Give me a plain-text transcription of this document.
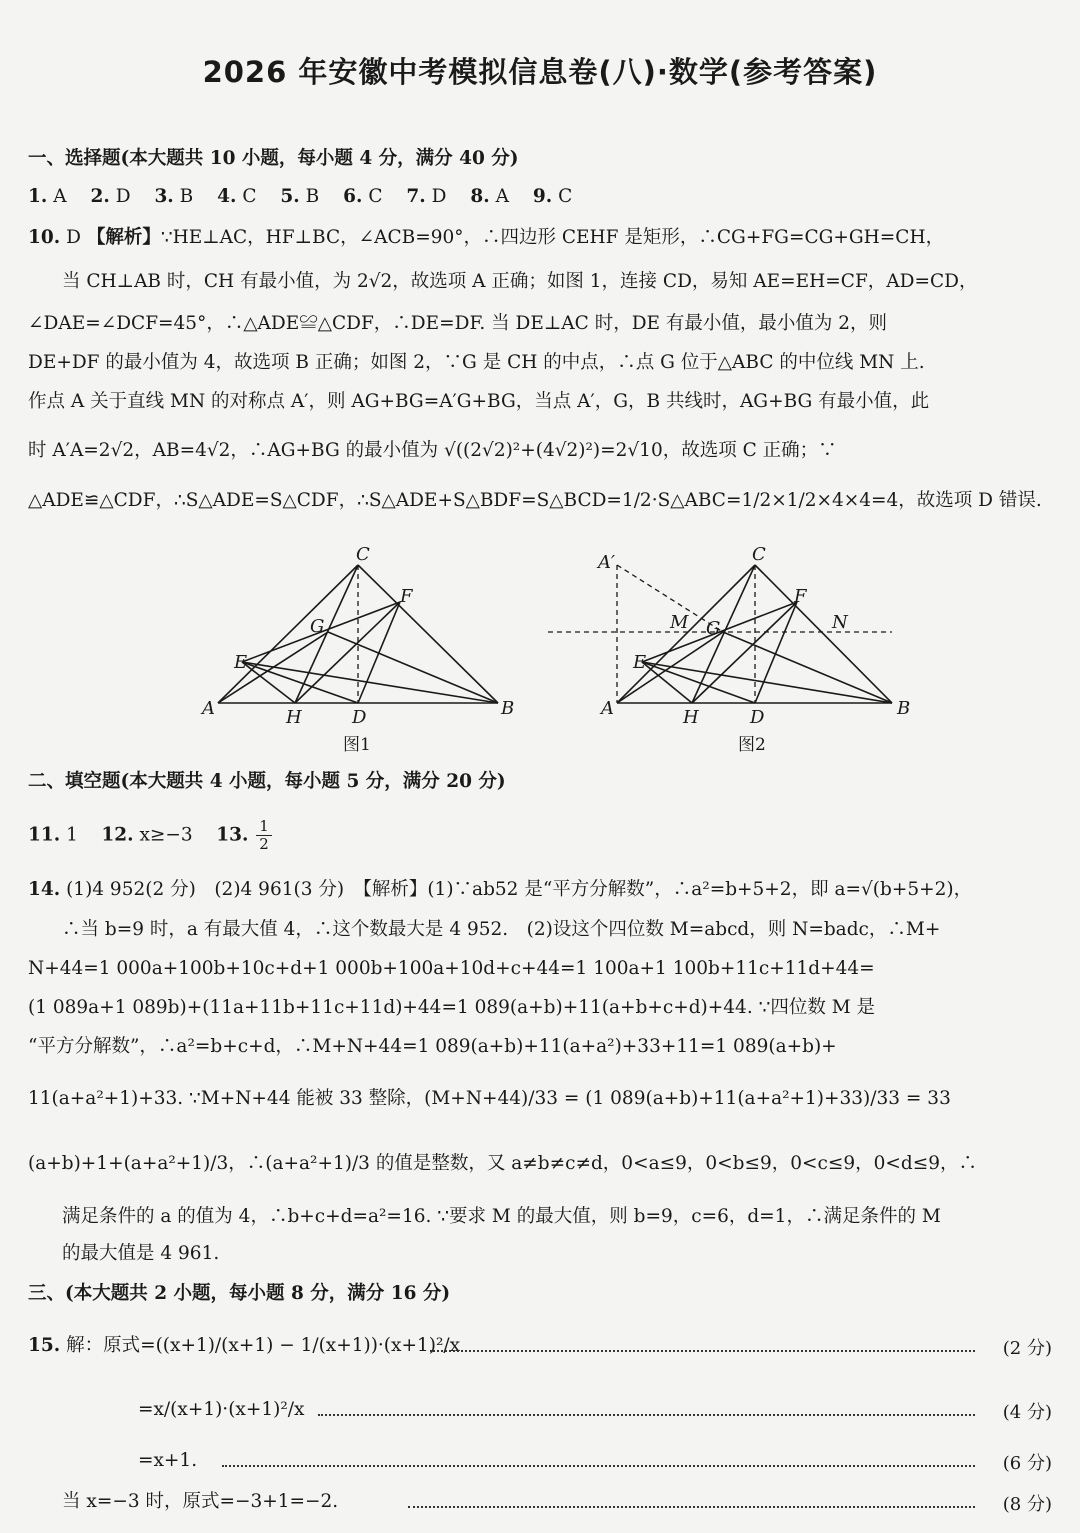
2026 年安徽中考模拟信息卷(八)·数学(参考答案)
一、选择题(本大题共 10 小题，每小题 4 分，满分 40 分)
1. A 2. D 3. B 4. C 5. B 6. C 7. D 8. A 9. C
10. D 【解析】∵HE⊥AC，HF⊥BC，∠ACB=90°，∴四边形 CEHF 是矩形，∴CG+FG=CG+GH=CH，
当 CH⊥AB 时，CH 有最小值，为 2√2，故选项 A 正确；如图 1，连接 CD，易知 AE=EH=CF，AD=CD，
∠DAE=∠DCF=45°，∴△ADE≌△CDF，∴DE=DF. 当 DE⊥AC 时，DE 有最小值，最小值为 2，则
DE+DF 的最小值为 4，故选项 B 正确；如图 2，∵G 是 CH 的中点，∴点 G 位于△ABC 的中位线 MN 上.
作点 A 关于直线 MN 的对称点 A′，则 AG+BG=A′G+BG，当点 A′，G，B 共线时，AG+BG 有最小值，此
时 A′A=2√2，AB=4√2，∴AG+BG 的最小值为 √((2√2)²+(4√2)²)=2√10，故选项 C 正确；∵
△ADE≌△CDF，∴S△ADE=S△CDF，∴S△ADE+S△BDF=S△BCD=1/2·S△ABC=1/2×1/2×4×4=4，故选项 D 错误.
C
F
G
E
A	H	D	B
图1
A′	C
F
M G	N
E
A	H	D	B
图2
二、填空题(本大题共 4 小题，每小题 5 分，满分 20 分)
11. 1 12. x≥−3 13. $\frac{1}{2}$
14. (1)4 952(2 分)　(2)4 961(3 分)　【解析】(1)∵ab52 是“平方分解数”，∴a²=b+5+2，即 a=√(b+5+2)，
∴当 b=9 时，a 有最大值 4，∴这个数最大是 4 952.　(2)设这个四位数 M=abcd，则 N=badc，∴M+
N+44=1 000a+100b+10c+d+1 000b+100a+10d+c+44=1 100a+1 100b+11c+11d+44=
(1 089a+1 089b)+(11a+11b+11c+11d)+44=1 089(a+b)+11(a+b+c+d)+44. ∵四位数 M 是
“平方分解数”，∴a²=b+c+d，∴M+N+44=1 089(a+b)+11(a+a²)+33+11=1 089(a+b)+
11(a+a²+1)+33. ∵M+N+44 能被 33 整除，(M+N+44)/33 = (1 089(a+b)+11(a+a²+1)+33)/33 = 33
(a+b)+1+(a+a²+1)/3，∴(a+a²+1)/3 的值是整数，又 a≠b≠c≠d，0<a≤9，0<b≤9，0<c≤9，0<d≤9，∴
满足条件的 a 的值为 4，∴b+c+d=a²=16. ∵要求 M 的最大值，则 b=9，c=6，d=1，∴满足条件的 M
的最大值是 4 961.
三、(本大题共 2 小题，每小题 8 分，满分 16 分)
15. 解：原式=((x+1)/(x+1) − 1/(x+1))·(x+1)²/x	(2 分)
=x/(x+1)·(x+1)²/x	(4 分)
=x+1.	(6 分)
当 x=−3 时，原式=−3+1=−2.	(8 分)
